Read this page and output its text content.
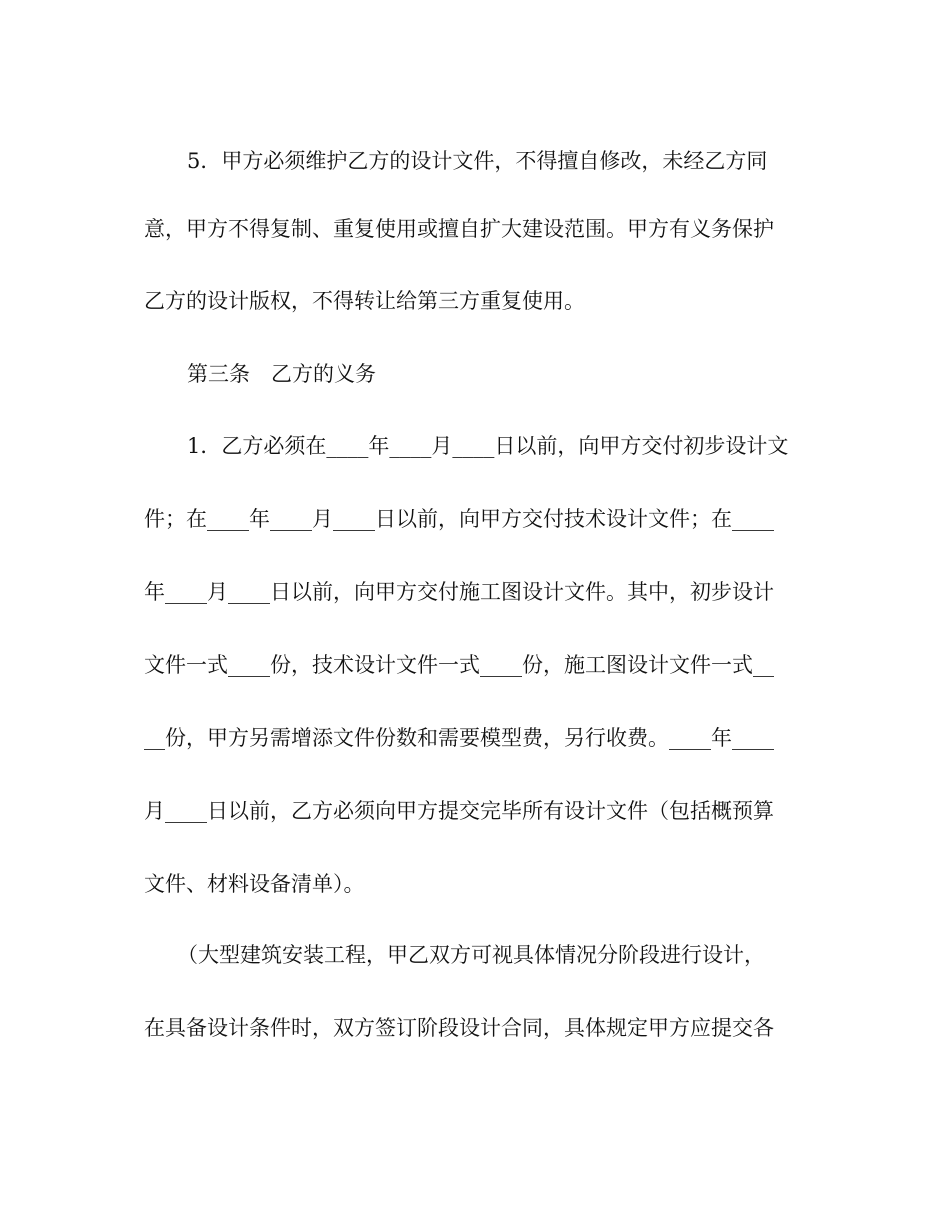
5．甲方必须维护乙方的设计文件，不得擅自修改，未经乙方同
意，甲方不得复制、重复使用或擅自扩大建设范围。甲方有义务保护
乙方的设计版权，不得转让给第三方重复使用。
第三条　乙方的义务
1．乙方必须在____年____月____日以前，向甲方交付初步设计文
件；在____年____月____日以前，向甲方交付技术设计文件；在____
年____月____日以前，向甲方交付施工图设计文件。其中，初步设计
文件一式____份，技术设计文件一式____份，施工图设计文件一式__
__份，甲方另需增添文件份数和需要模型费，另行收费。____年____
月____日以前，乙方必须向甲方提交完毕所有设计文件（包括概预算
文件、材料设备清单）。
（大型建筑安装工程，甲乙双方可视具体情况分阶段进行设计，
在具备设计条件时，双方签订阶段设计合同，具体规定甲方应提交各
